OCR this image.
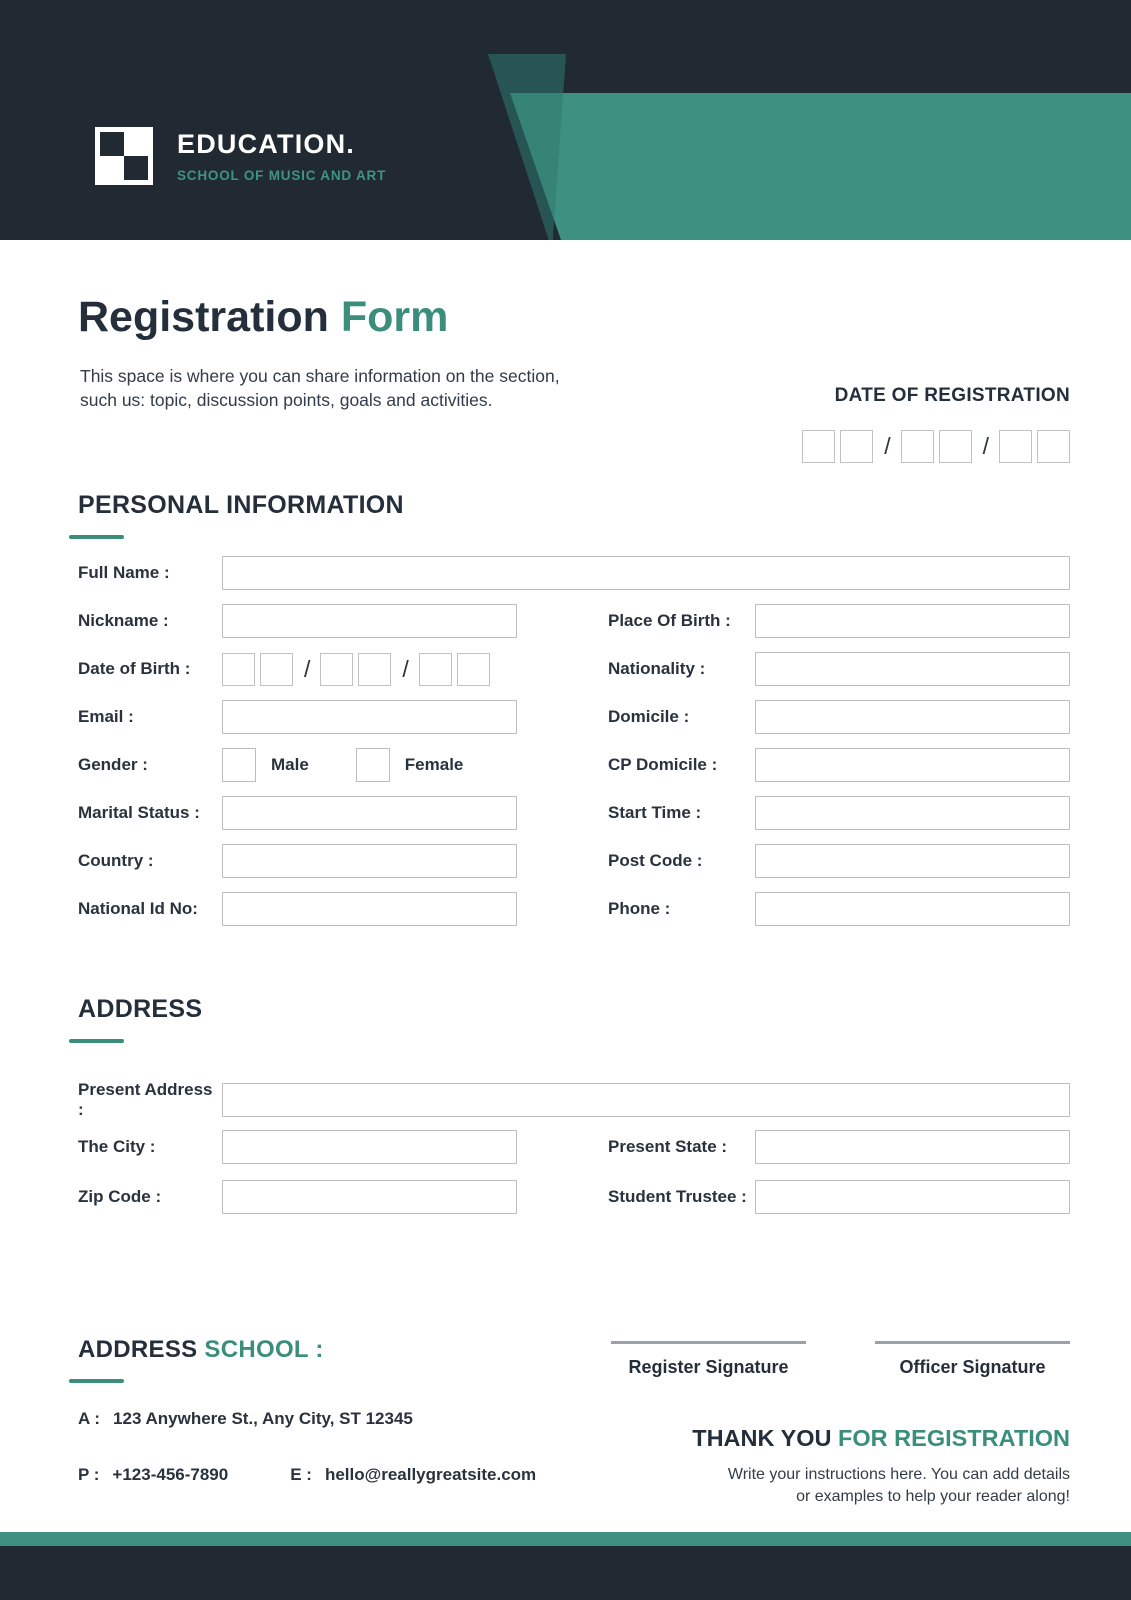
EDUCATION.
SCHOOL OF MUSIC AND ART
Registration Form

This space is where you can share information on the section,
such us: topic, discussion points, goals and activities.	DATE OF REGISTRATION
/	/
PERSONAL INFORMATION
Full Name :
Nickname :	Place Of Birth :
Date of Birth :	/	/	Nationality :
Email :	Domicile :
Gender :	Male	Female	CP Domicile :
Marital Status :	Start Time :
Country :	Post Code :
National Id No:	Phone :
ADDRESS
Present Address :
The City :	Present State :
Zip Code :	Student Trustee :
ADDRESS SCHOOL :
A : 123 Anywhere St., Any City, ST 12345
P : +123-456-7890	E : hello@reallygreatsite.com
Register Signature	Officer Signature
THANK YOU FOR REGISTRATION
Write your instructions here. You can add details
or examples to help your reader along!
